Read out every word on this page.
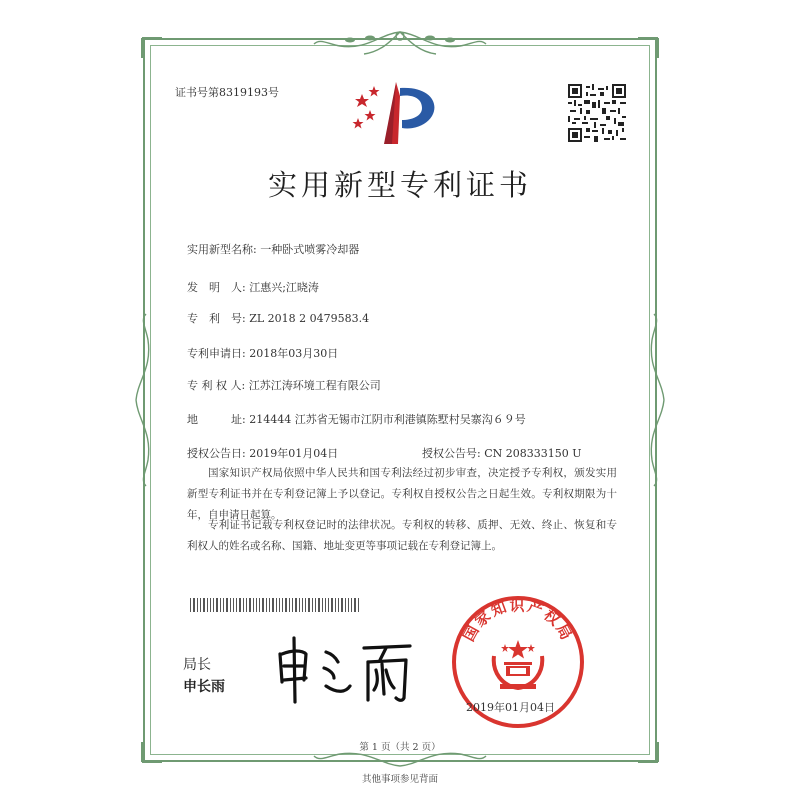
证书号第8319193号
实用新型专利证书
实用新型名称: 一种卧式喷雾冷却器
发　明　人: 江惠兴;江晓涛
专　利　号: ZL 2018 2 0479583.4
专利申请日: 2018年03月30日
专 利 权 人: 江苏江涛环境工程有限公司
地　　　址: 214444 江苏省无锡市江阴市利港镇陈墅村吴寨沟６９号
授权公告日: 2019年01月04日	授权公告号: CN 208333150 U

国家知识产权局依照中华人民共和国专利法经过初步审查，决定授予专利权，颁发实用新型专利证书并在专利登记簿上予以登记。专利权自授权公告之日起生效。专利权期限为十年，自申请日起算。

专利证书记载专利权登记时的法律状况。专利权的转移、质押、无效、终止、恢复和专利权人的姓名或名称、国籍、地址变更等事项记载在专利登记簿上。

局长
申长雨
国家知识产权局
2019年01月04日
第 1 页（共 2 页）
其他事项参见背面
